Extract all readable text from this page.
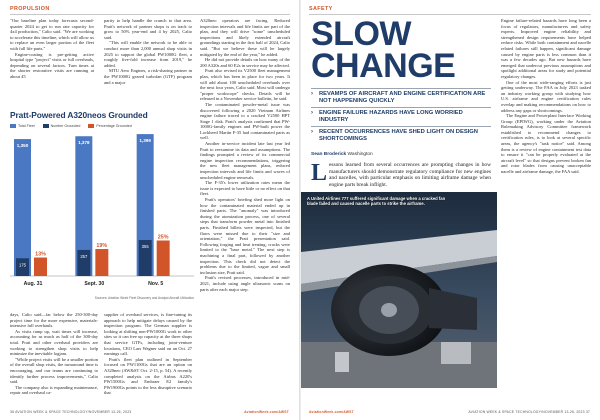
PROPULSION

"Our baseline plan today forecasts second-quarter 2024 to get to run rate capacity for 4x4 production," Calio said. "We are working to accelerate this timeline, which will allow us to replace an even larger portion of the fleet with full life parts."

Engine-coating is pre-getting active hospital type "project" visits or full overhauls, depending on several factors. Turn times at the shorter restorative visits are running at about 45

parity to help handle the crunch to that area. Pratt's network of partner shops is on track to grow to 50% year-end and 4 by 2025, Calio said.

"This will enable the network to be able to conduct more than 2,000 annual shop visits in 2025 to support the global PW1000G fleet, a roughly five-fold increase from 2019," he added.

MTU Aero Engines, a risk-sharing partner in the PW1000G geared turbofan (GTF) program and a major

A320neo operators are facing. Reduced inspection intervals and life limits are part of the plan, and they will drive "some" unscheduled inspections and likely extended aircraft groundings starting in the first half of 2024, Calio said. "But we believe these will be largely mitigated by the end of the year," he added.

He did not provide details on how many of the 200 A320s and 60 E2s in service may be affected.

Pratt also revised its V2500 fleet management plan, which has been in place for two years. It will add about 100 unscheduled overhauls over the next four years, Calio said. Most will undergo "proper workscope" checks. Details will be released in a November service bulletin, he said.

The contaminated powder-metal issue was discovered following a 2020 Vietnam Airlines engine failure traced to a cracked V2500 HPT Stage 1 disk. Pratt's analysis confirmed that PW-1000G-family engines and PW-built power the Lockheed Martin F-35 had contaminated parts as well.

Another in-service incident late last year led Pratt to reexamine its data and assumptions. The findings prompted a review of its commercial engine inspection recommendations, triggering the new fleet management plans, reduced inspection intervals and life limits and waves of unscheduled engine removals.

The F-35's lower utilization rates mean the issue is expected to have little or no effect on that fleet.

Pratt's operators' briefing shed more light on how the contaminated material ended up in finished parts. The "anomaly" was introduced during the atomization process, one of several steps that transform powder metal into finished parts. Finished billets were inspected, but the flaws were missed due to their "size and orientation," the Pratt presentation said. Following forging and heat treating, cracks were limited to the "base metal." The next step is machining a final part, followed by another inspection. This check did not detect the problems due to the limited, vague and small inclusion size, Pratt said.

Pratt's revised processes, introduced in mid-2021, include using angle ultrasonic scans on parts after each major step.

Pratt-Powered A320neos Grounded
Total Fleet	Number Grounded	Percentage Grounded
1,350
175
13%
Aug. 31
1,378
257
19%
Sept. 30
1,399
355
25%
Nov. 5
Sources: Aviation Week Fleet Discovery and Analyst Aircraft Utilization

days, Calio said—far below the 250-300-day project time for the more expensive, materials-intensive full overhauls.

As visits ramp up, wait times will increase, accounting for as much as half of the 300-day total. Pratt and other overhaul providers are working to strengthen shop visits to help minimize the inevitable logjam.

"While project visits will be a smaller portion of the overall shop visits, the turnaround time is encouraging, and our teams are continuing to identify further process improvements," Calio said.

The company also is expanding maintenance, repair and overhaul ca-

supplier of overhaul services, is fine-tuning its approach to help mitigate delays caused by the inspection program. The German supplier is looking at shifting non-PW1000G work to other sites so it can free up capacity at the three shops that service GTFs, including joint-venture locations, CEO Lars Wagner said on an Oct. 27 earnings call.

Pratt's fleet plan outlined in September focused on PW1100Gs that are an option on A320neo (AW&ST Oct. 2-15, p. 54). A recently completed analysis on the Airbus A220's PW1500Gs and Embraer E2 family's PW1900Gs points to the less disruptive scenario that

36 AVIATION WEEK & SPACE TECHNOLOGY/NOVEMBER 13-26, 2023	AviationWeek.com/AWST
SAFETY
SLOW
CHANGE
› REVAMPS OF AIRCRAFT AND ENGINE CERTIFICATION ARE NOT HAPPENING QUICKLY
› ENGINE FAILURE HAZARDS HAVE LONG WORRIED INDUSTRY
› RECENT OCCURRENCES HAVE SHED LIGHT ON DESIGN SHORTCOMINGS
Sean Broderick Washington

Lessons learned from several occurrences are prompting changes in how manufacturers should demonstrate regulatory compliance for new engines and nacelles, with particular emphasis on limiting airframe damage when engine parts break inflight.

A United Airlines 777 suffered significant damage when a cracked fan blade failed and caused nacelle parts to strike the airframe.

Engine failure-related hazards have long been a focus of regulators, manufacturers and safety experts. Improved engine reliability and strengthened design requirements have helped reduce risks. While both containment and nacelle related failures still happen, significant damage caused by engine parts is less common than it was a few decades ago. But new hazards have emerged that undercut previous assumptions and spotlight additional areas for study and potential regulatory changes.

One of the most wide-ranging efforts is just getting underway. The FAA in July 2023 tasked an industry working group with studying how U.S. airframe and engine certification rules overlap and making recommendations on how to address any gaps or shortcomings.

The Engine and Powerplant Interface Working Group (EPIWG), working under the Aviation Rulemaking Advisory Committee framework established to recommend changes to certification rules, is to look at several specific areas, the agency's "task notice" said. Among them is a review of engine containment test data to ensure it "can be properly evaluated at the aircraft level" so that designs prevent broken fan and rotor blades from causing unacceptable nacelle and airframe damage, the FAA said.

AviationWeek.com/AWST	AVIATION WEEK & SPACE TECHNOLOGY/NOVEMBER 13-26, 2023 37
